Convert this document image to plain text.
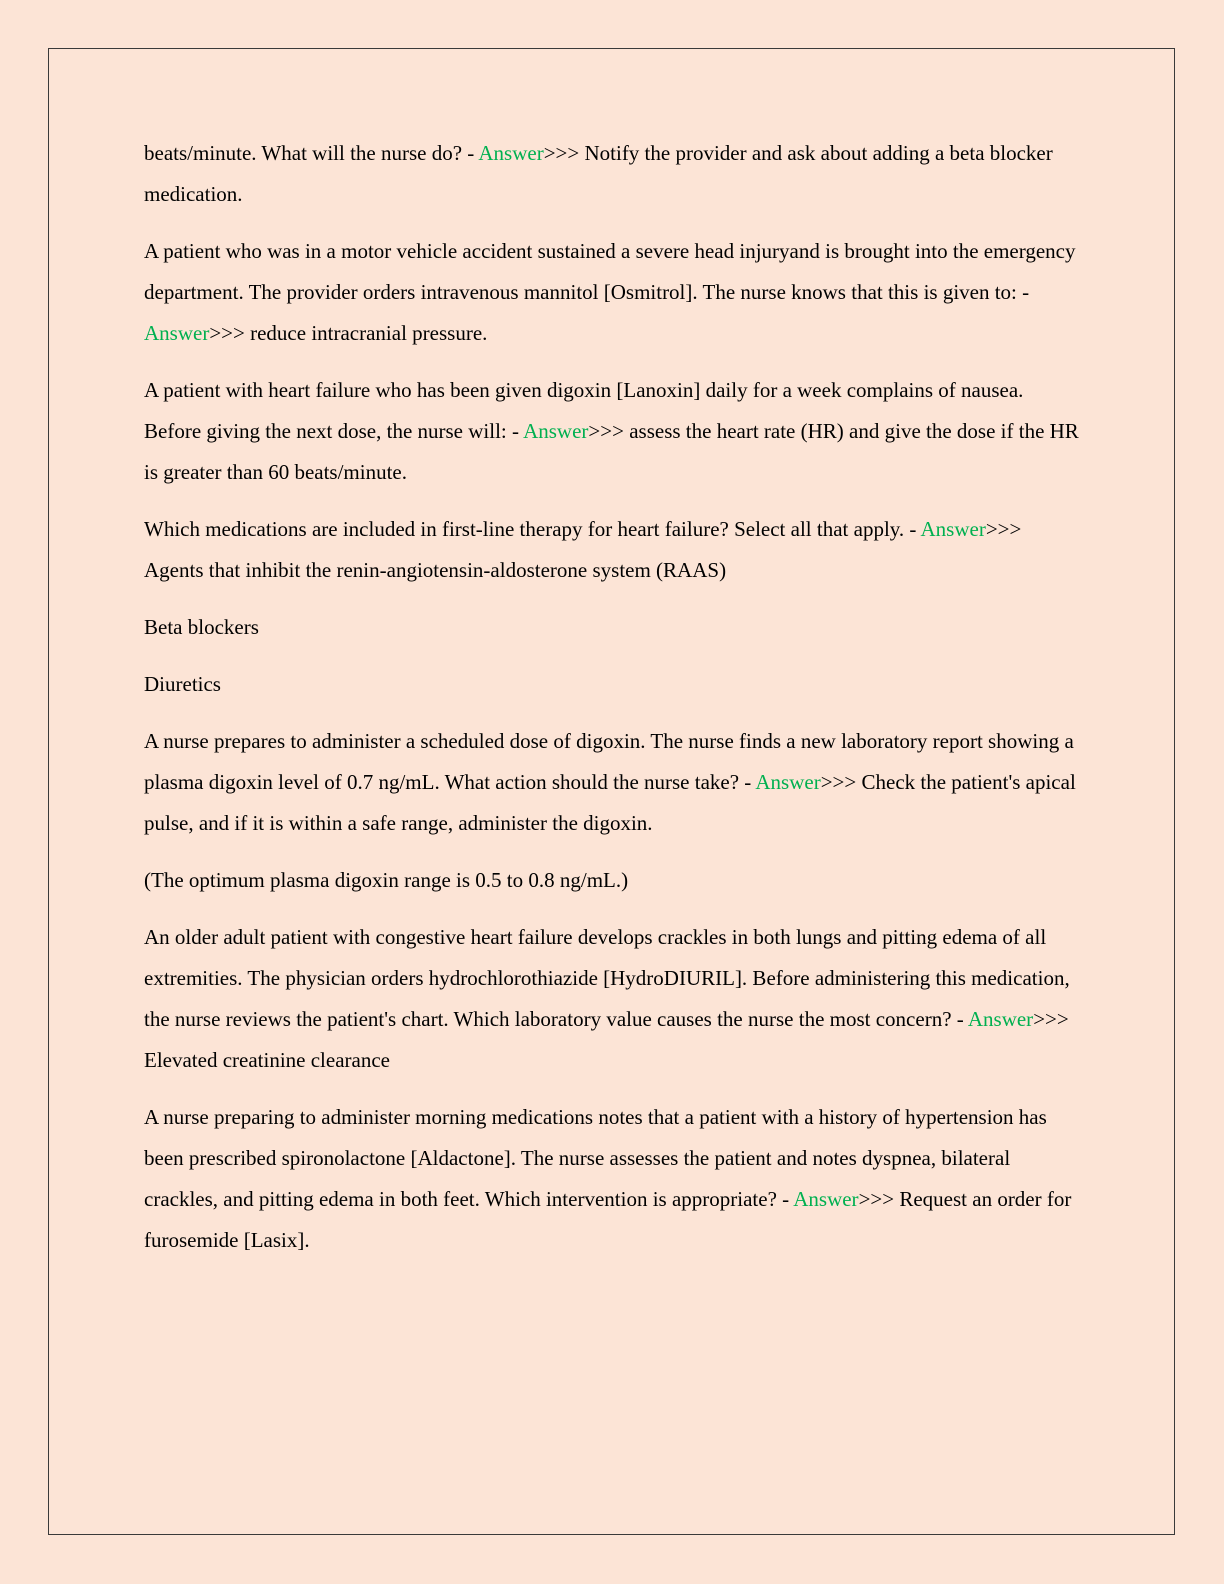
beats/minute. What will the nurse do? - Answer>>> Notify the provider and ask about adding a beta blocker medication.

A patient who was in a motor vehicle accident sustained a severe head injuryand is brought into the emergency department. The provider orders intravenous mannitol [Osmitrol]. The nurse knows that this is given to: - Answer>>> reduce intracranial pressure.

A patient with heart failure who has been given digoxin [Lanoxin] daily for a week complains of nausea. Before giving the next dose, the nurse will: - Answer>>> assess the heart rate (HR) and give the dose if the HR is greater than 60 beats/minute.

Which medications are included in first-line therapy for heart failure? Select all that apply. - Answer>>> Agents that inhibit the renin-angiotensin-aldosterone system (RAAS)

Beta blockers

Diuretics

A nurse prepares to administer a scheduled dose of digoxin. The nurse finds a new laboratory report showing a plasma digoxin level of 0.7 ng/mL. What action should the nurse take? - Answer>>> Check the patient's apical pulse, and if it is within a safe range, administer the digoxin.

(The optimum plasma digoxin range is 0.5 to 0.8 ng/mL.)

An older adult patient with congestive heart failure develops crackles in both lungs and pitting edema of all extremities. The physician orders hydrochlorothiazide [HydroDIURIL]. Before administering this medication, the nurse reviews the patient's chart. Which laboratory value causes the nurse the most concern? - Answer>>> Elevated creatinine clearance

A nurse preparing to administer morning medications notes that a patient with a history of hypertension has been prescribed spironolactone [Aldactone]. The nurse assesses the patient and notes dyspnea, bilateral crackles, and pitting edema in both feet. Which intervention is appropriate? - Answer>>> Request an order for furosemide [Lasix].
